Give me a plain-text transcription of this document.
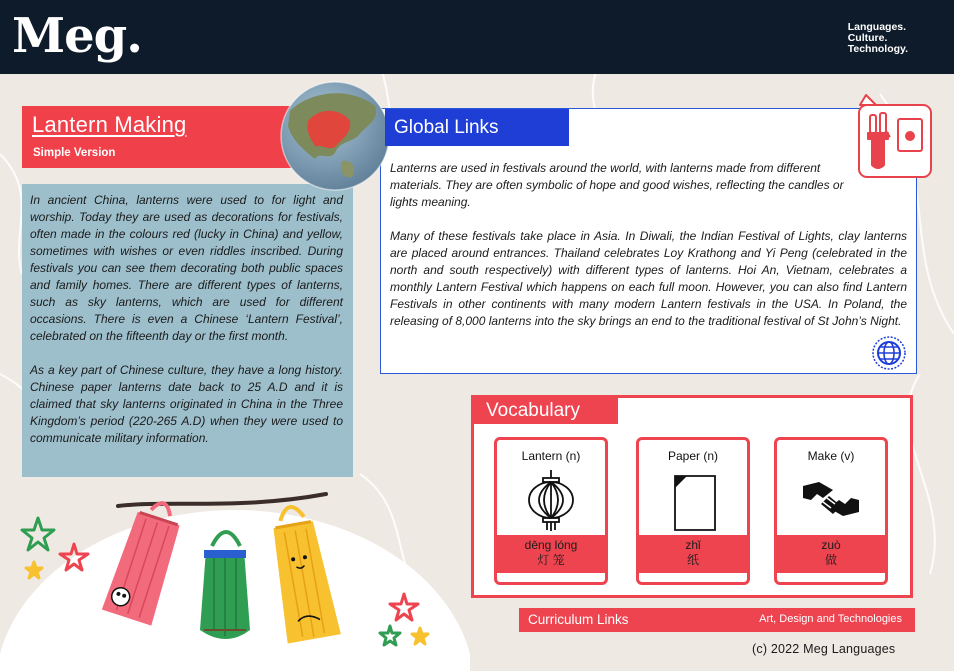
Meg.	Languages.
Culture.
Technology.
Lantern Making
Simple Version

In ancient China, lanterns were used to for light and worship. Today they are used as decorations for festivals, often made in the colours red (lucky in China) and yellow, sometimes with wishes or even riddles inscribed. During festivals you can see them decorating both public spaces and family homes. There are different types of lanterns, such as sky lanterns, which are used for different occasions. There is even a Chinese ‘Lantern Festival’, celebrated on the fifteenth day or the first month.

As a key part of Chinese culture, they have a long history. Chinese paper lanterns date back to 25 A.D and it is claimed that sky lanterns originated in China in the Three Kingdom’s period (220-265 A.D) when they were used to communicate military information.

Global Links

Lanterns are used in festivals around the world, with lanterns made from different materials. They are often symbolic of hope and good wishes, reflecting the candles or lights meaning.

Many of these festivals take place in Asia. In Diwali, the Indian Festival of Lights, clay lanterns are placed around entrances. Thailand celebrates Loy Krathong and Yi Peng (celebrated in the north and south respectively) with different types of lanterns. Hoi An, Vietnam, celebrates a monthly Lantern Festival which happens on each full moon. However, you can also find Lantern Festivals in other continents with many modern Lantern festivals in the USA. In Poland, the releasing of 8,000 lanterns into the sky brings an end to the traditional festival of St John’s Night.

Vocabulary
Lantern (n)
dēng lóng
灯 笼
Paper (n)
zhǐ
纸
Make (v)
zuò
做
Curriculum Links	Art, Design and Technologies
(c) 2022 Meg Languages
